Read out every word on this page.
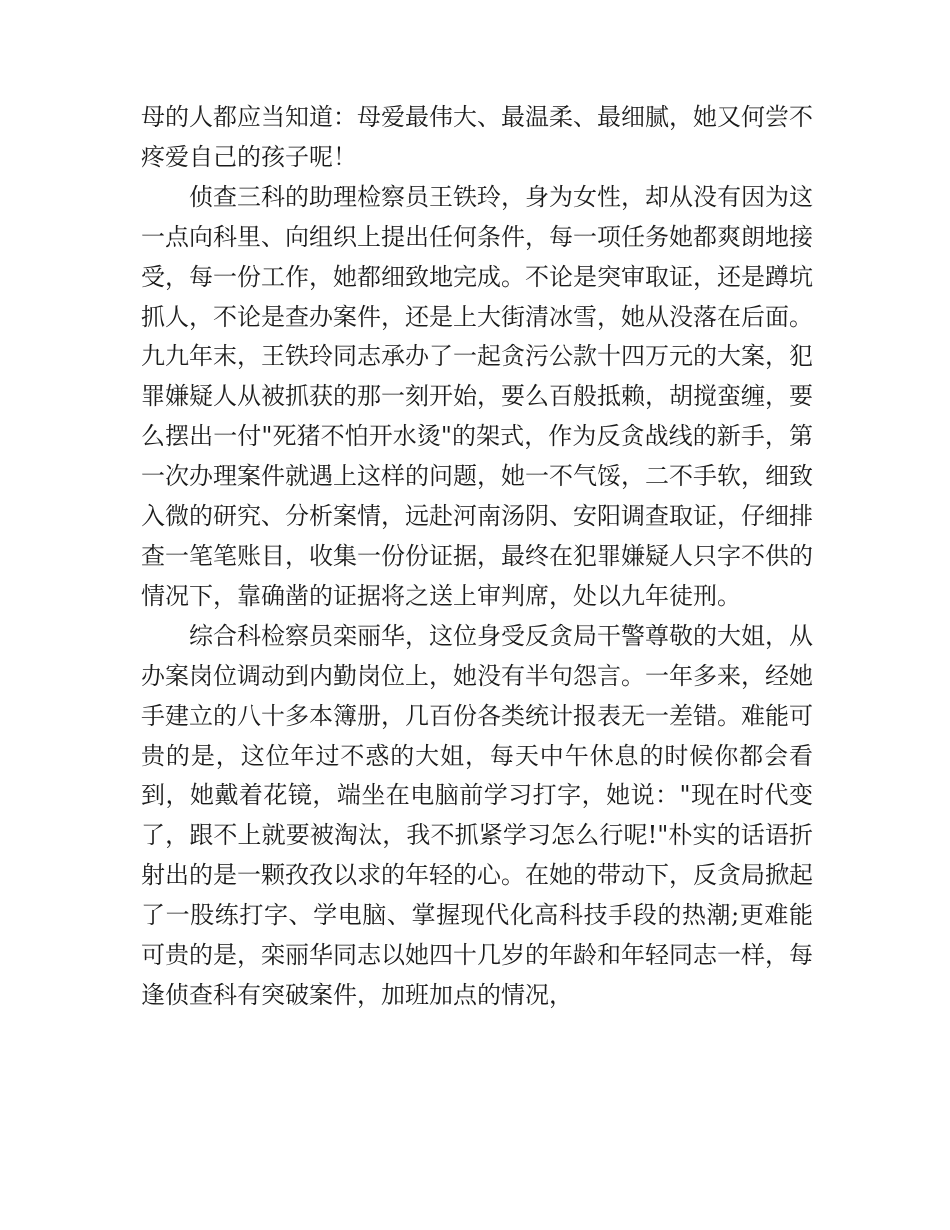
母的人都应当知道：母爱最伟大、最温柔、最细腻，她又何尝不疼爱自己的孩子呢！

侦查三科的助理检察员王铁玲，身为女性，却从没有因为这一点向科里、向组织上提出任何条件，每一项任务她都爽朗地接受，每一份工作，她都细致地完成。不论是突审取证，还是蹲坑抓人，不论是查办案件，还是上大街清冰雪，她从没落在后面。九九年末，王铁玲同志承办了一起贪污公款十四万元的大案，犯罪嫌疑人从被抓获的那一刻开始，要么百般抵赖，胡搅蛮缠，要么摆出一付"死猪不怕开水烫"的架式，作为反贪战线的新手，第一次办理案件就遇上这样的问题，她一不气馁，二不手软，细致入微的研究、分析案情，远赴河南汤阴、安阳调查取证，仔细排查一笔笔账目，收集一份份证据，最终在犯罪嫌疑人只字不供的情况下，靠确凿的证据将之送上审判席，处以九年徒刑。

综合科检察员栾丽华，这位身受反贪局干警尊敬的大姐，从办案岗位调动到内勤岗位上，她没有半句怨言。一年多来，经她手建立的八十多本簿册，几百份各类统计报表无一差错。难能可贵的是，这位年过不惑的大姐，每天中午休息的时候你都会看到，她戴着花镜，端坐在电脑前学习打字，她说："现在时代变了，跟不上就要被淘汰，我不抓紧学习怎么行呢!"朴实的话语折射出的是一颗孜孜以求的年轻的心。在她的带动下，反贪局掀起了一股练打字、学电脑、掌握现代化高科技手段的热潮;更难能可贵的是，栾丽华同志以她四十几岁的年龄和年轻同志一样，每逢侦查科有突破案件，加班加点的情况，
